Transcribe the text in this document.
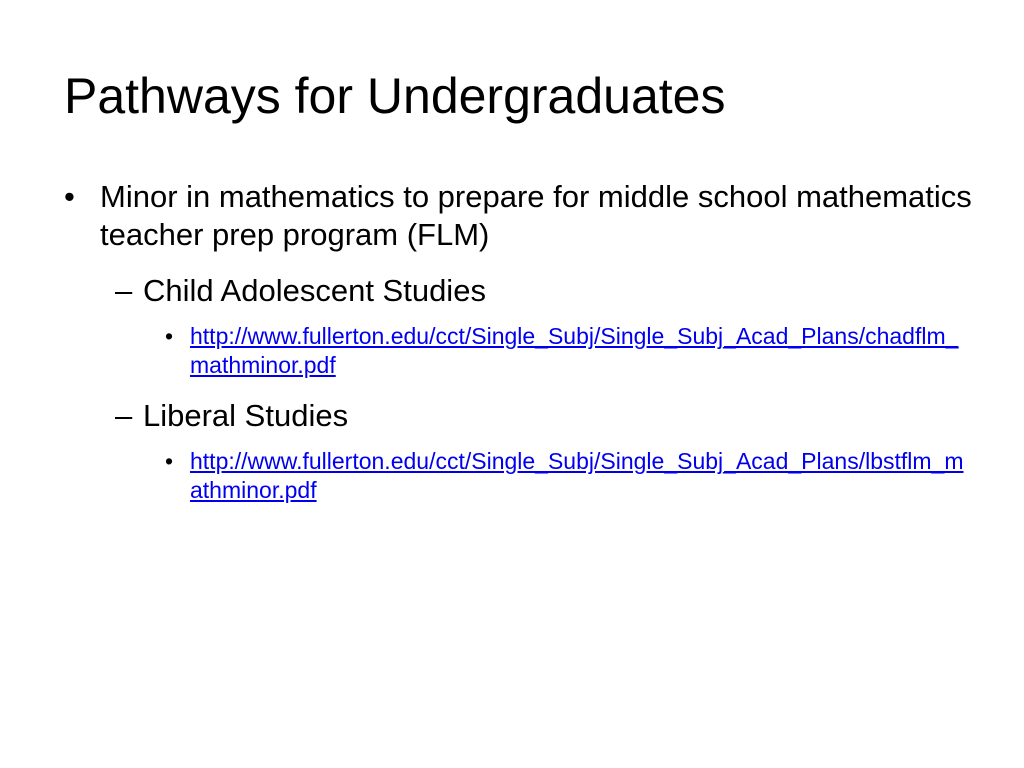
Pathways for Undergraduates
• Minor in mathematics to prepare for middle school mathematics teacher prep program (FLM)
– Child Adolescent Studies
• http://www.fullerton.edu/cct/Single_Subj/Single_Subj_Acad_Plans/chadflm_mathminor.pdf
– Liberal Studies
• http://www.fullerton.edu/cct/Single_Subj/Single_Subj_Acad_Plans/lbstflm_mathminor.pdf
